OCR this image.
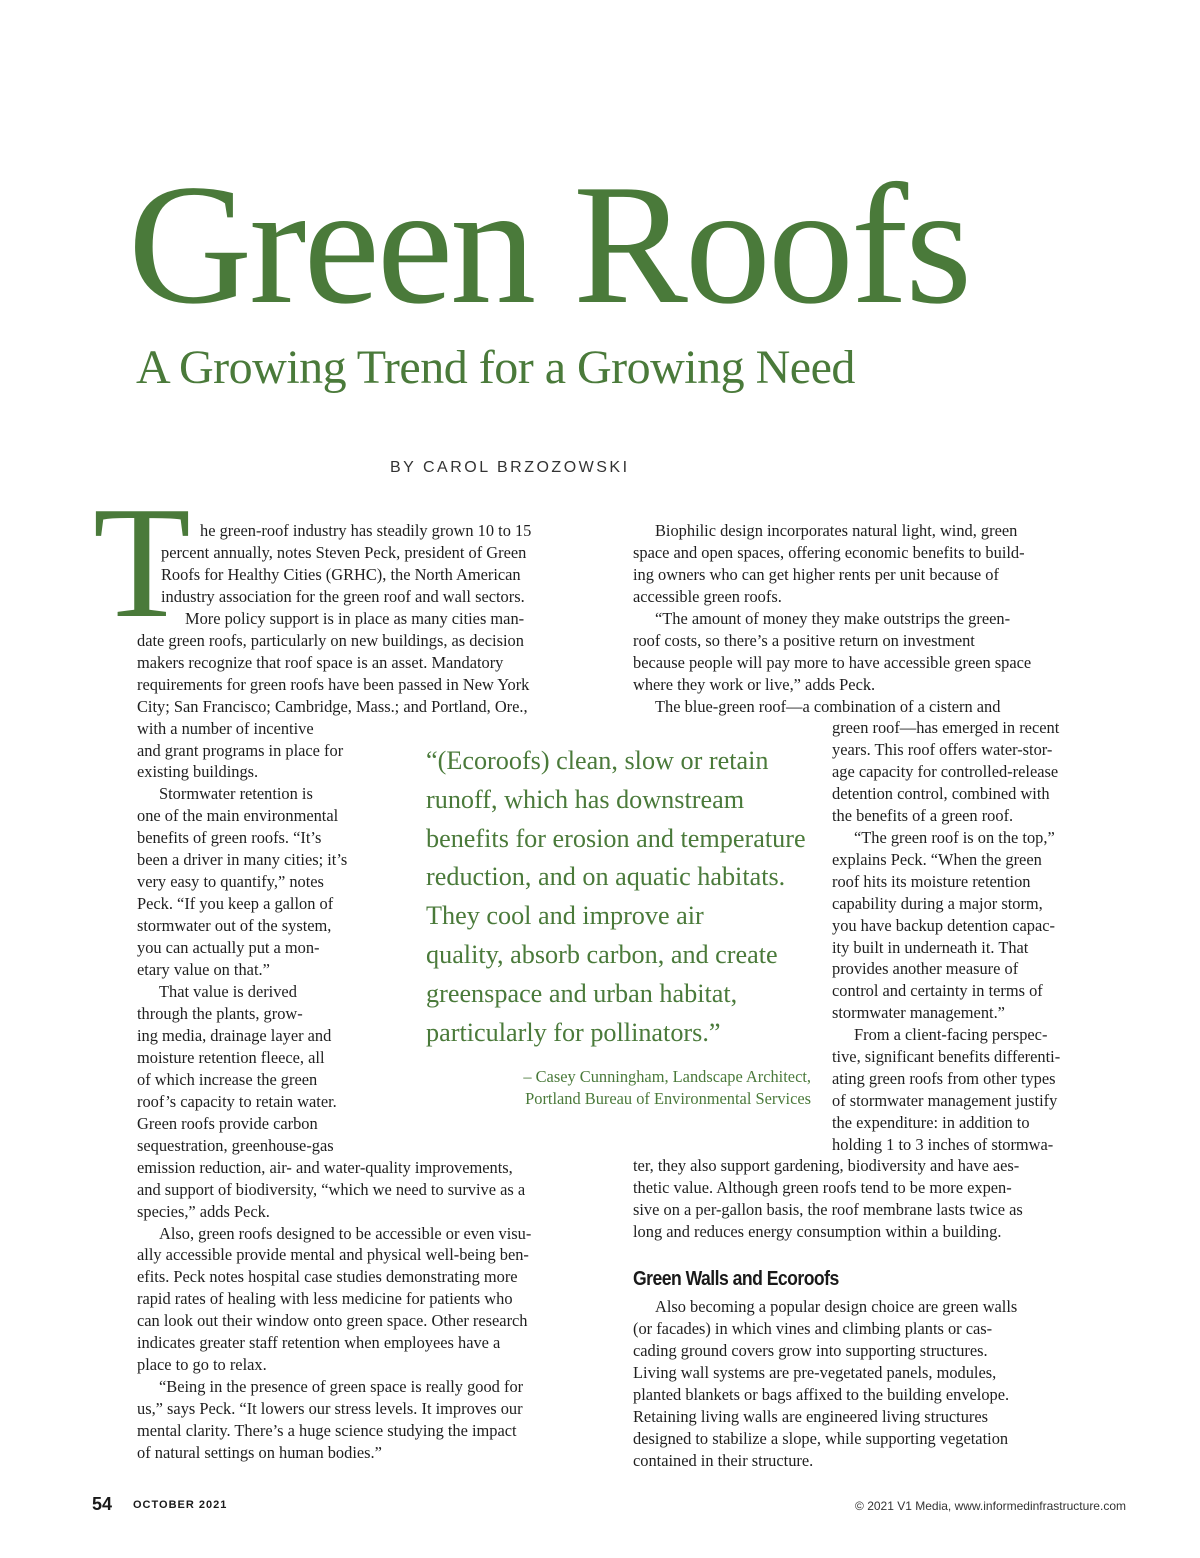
Green Roofs
A Growing Trend for a Growing Need
BY CAROL BRZOZOWSKI
T he green-roof industry has steadily grown 10 to 15
percent annually, notes Steven Peck, president of Green
Roofs for Healthy Cities (GRHC), the North American
industry association for the green roof and wall sectors.
More policy support is in place as many cities man-
date green roofs, particularly on new buildings, as decision
makers recognize that roof space is an asset. Mandatory
requirements for green roofs have been passed in New York
City; San Francisco; Cambridge, Mass.; and Portland, Ore.,
with a number of incentive
and grant programs in place for
existing buildings.
Stormwater retention is
one of the main environmental
benefits of green roofs. “It’s
been a driver in many cities; it’s
very easy to quantify,” notes
Peck. “If you keep a gallon of
stormwater out of the system,
you can actually put a mon-
etary value on that.”
That value is derived
through the plants, grow-
ing media, drainage layer and
moisture retention fleece, all
of which increase the green
roof’s capacity to retain water.
Green roofs provide carbon
sequestration, greenhouse-gas
emission reduction, air- and water-quality improvements,
and support of biodiversity, “which we need to survive as a
species,” adds Peck.
Also, green roofs designed to be accessible or even visu-
ally accessible provide mental and physical well-being ben-
efits. Peck notes hospital case studies demonstrating more
rapid rates of healing with less medicine for patients who
can look out their window onto green space. Other research
indicates greater staff retention when employees have a
place to go to relax.
“Being in the presence of green space is really good for
us,” says Peck. “It lowers our stress levels. It improves our
mental clarity. There’s a huge science studying the impact
of natural settings on human bodies.”
Biophilic design incorporates natural light, wind, green
space and open spaces, offering economic benefits to build-
ing owners who can get higher rents per unit because of
accessible green roofs.
“The amount of money they make outstrips the green-
roof costs, so there’s a positive return on investment
because people will pay more to have accessible green space
where they work or live,” adds Peck.
The blue-green roof—a combination of a cistern and
green roof—has emerged in recent
years. This roof offers water-stor-
age capacity for controlled-release
detention control, combined with
the benefits of a green roof.
“The green roof is on the top,”
explains Peck. “When the green
roof hits its moisture retention
capability during a major storm,
you have backup detention capac-
ity built in underneath it. That
provides another measure of
control and certainty in terms of
stormwater management.”
From a client-facing perspec-
tive, significant benefits differenti-
ating green roofs from other types
of stormwater management justify
the expenditure: in addition to
holding 1 to 3 inches of stormwa-
ter, they also support gardening, biodiversity and have aes-
thetic value. Although green roofs tend to be more expen-
sive on a per-gallon basis, the roof membrane lasts twice as
long and reduces energy consumption within a building.
“(Ecoroofs) clean, slow or retain
runoff, which has downstream
benefits for erosion and temperature
reduction, and on aquatic habitats.
They cool and improve air
quality, absorb carbon, and create
greenspace and urban habitat,
particularly for pollinators.”
– Casey Cunningham, Landscape Architect,
Portland Bureau of Environmental Services
Green Walls and Ecoroofs
Also becoming a popular design choice are green walls
(or facades) in which vines and climbing plants or cas-
cading ground covers grow into supporting structures.
Living wall systems are pre-vegetated panels, modules,
planted blankets or bags affixed to the building envelope.
Retaining living walls are engineered living structures
designed to stabilize a slope, while supporting vegetation
contained in their structure.
54 OCTOBER 2021	© 2021 V1 Media, www.informedinfrastructure.com
